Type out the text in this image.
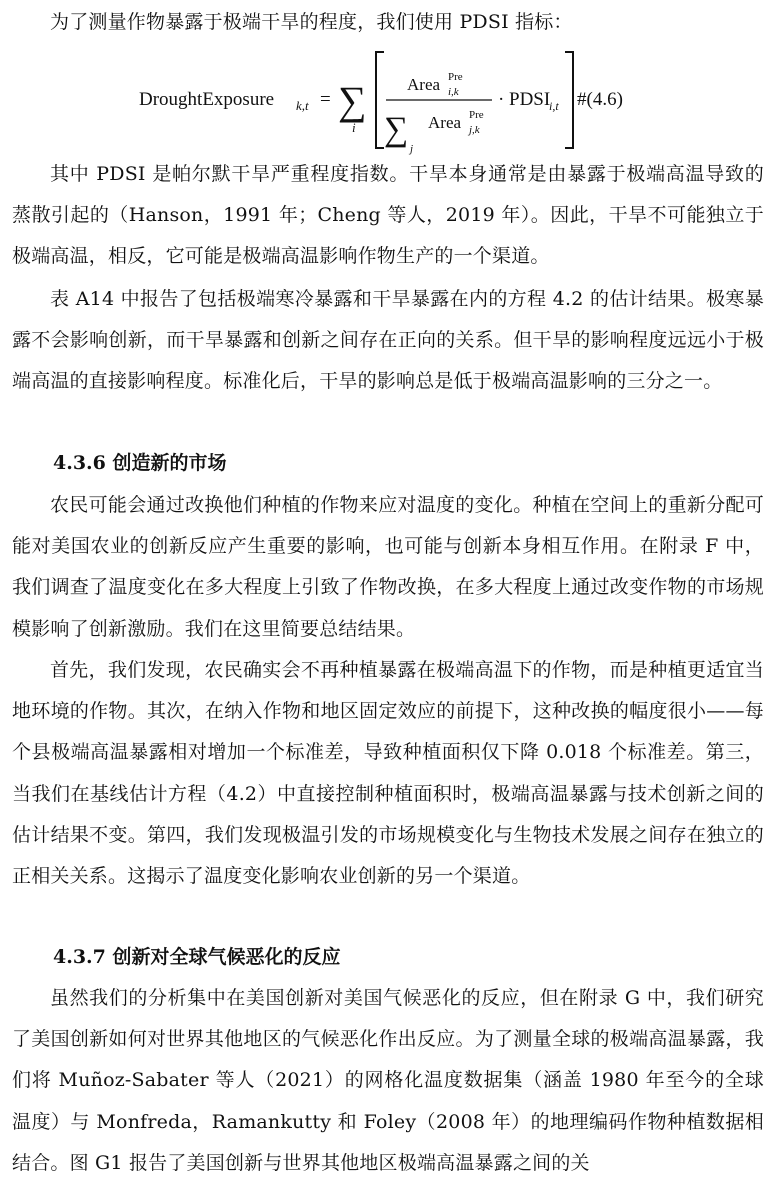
为了测量作物暴露于极端干旱的程度，我们使用 PDSI 指标：

DroughtExposure k,t = ∑
i
Area Pre
i,k
∑
j
Area Pre
j,k
· PDSI
i,t #(4.6)

其中 PDSI 是帕尔默干旱严重程度指数。干旱本身通常是由暴露于极端高温导致的蒸散引起的（Hanson，1991 年；Cheng 等人，2019 年）。因此，干旱不可能独立于极端高温，相反，它可能是极端高温影响作物生产的一个渠道。

表 A14 中报告了包括极端寒冷暴露和干旱暴露在内的方程 4.2 的估计结果。极寒暴露不会影响创新，而干旱暴露和创新之间存在正向的关系。但干旱的影响程度远远小于极端高温的直接影响程度。标准化后，干旱的影响总是低于极端高温影响的三分之一。

4.3.6 创造新的市场

农民可能会通过改换他们种植的作物来应对温度的变化。种植在空间上的重新分配可能对美国农业的创新反应产生重要的影响，也可能与创新本身相互作用。在附录 F 中，我们调查了温度变化在多大程度上引致了作物改换，在多大程度上通过改变作物的市场规模影响了创新激励。我们在这里简要总结结果。

首先，我们发现，农民确实会不再种植暴露在极端高温下的作物，而是种植更适宜当地环境的作物。其次，在纳入作物和地区固定效应的前提下，这种改换的幅度很小——每个县极端高温暴露相对增加一个标准差，导致种植面积仅下降 0.018 个标准差。第三，当我们在基线估计方程（4.2）中直接控制种植面积时，极端高温暴露与技术创新之间的估计结果不变。第四，我们发现极温引发的市场规模变化与生物技术发展之间存在独立的正相关关系。这揭示了温度变化影响农业创新的另一个渠道。

4.3.7 创新对全球气候恶化的反应

虽然我们的分析集中在美国创新对美国气候恶化的反应，但在附录 G 中，我们研究了美国创新如何对世界其他地区的气候恶化作出反应。为了测量全球的极端高温暴露，我们将 Muñoz-Sabater 等人（2021）的网格化温度数据集（涵盖 1980 年至今的全球温度）与 Monfreda，Ramankutty 和 Foley（2008 年）的地理编码作物种植数据相结合。图 G1 报告了美国创新与世界其他地区极端高温暴露之间的关
